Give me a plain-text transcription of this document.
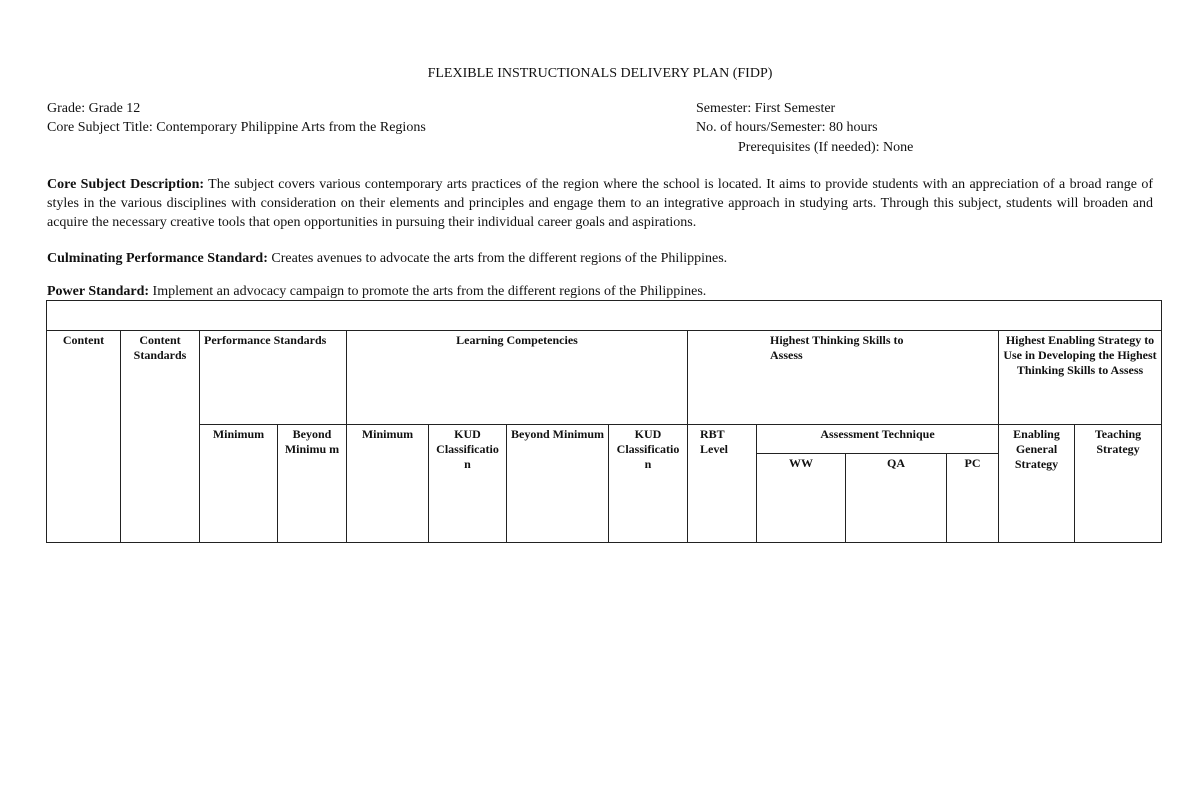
FLEXIBLE INSTRUCTIONALS DELIVERY PLAN (FIDP)
Grade: Grade 12
Core Subject Title: Contemporary Philippine Arts from the Regions
Semester: First Semester
No. of hours/Semester: 80 hours
Prerequisites (If needed): None
Core Subject Description: The subject covers various contemporary arts practices of the region where the school is located. It aims to provide students with an appreciation of a broad range of styles in the various disciplines with consideration on their elements and principles and engage them to an integrative approach in studying arts. Through this subject, students will broaden and acquire the necessary creative tools that open opportunities in pursuing their individual career goals and aspirations.
Culminating Performance Standard: Creates avenues to advocate the arts from the different regions of the Philippines.
Power Standard: Implement an advocacy campaign to promote the arts from the different regions of the Philippines.

Content	Content Standards	Performance Standards		Learning Competencies				Highest Thinking Skills to Assess				Highest Enabling Strategy to Use in Developing the Highest Thinking Skills to Assess	
		Minimum	Beyond Minimu m	Minimum	KUD Classificatio n	Beyond Minimum	KUD Classificatio n	RBT Level	Assessment Technique			Enabling General Strategy	Teaching Strategy
									WW	QA	PC		
